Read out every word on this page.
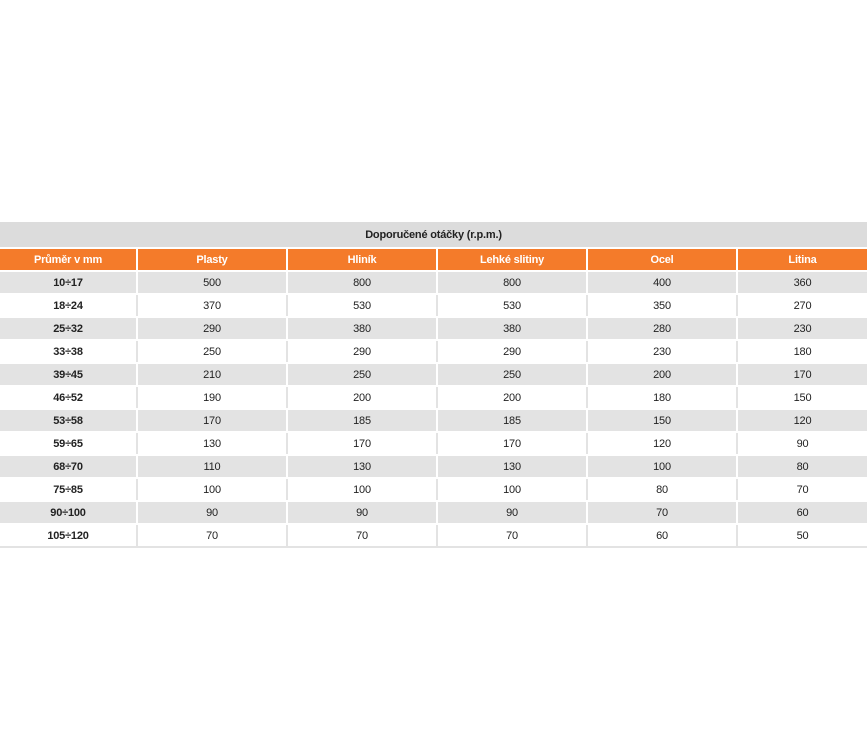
Doporučené otáčky (r.p.m.)
Průměr v mm	Plasty	Hliník	Lehké slitiny	Ocel	Litina
10÷17	500	800	800	400	360
18÷24	370	530	530	350	270
25÷32	290	380	380	280	230
33÷38	250	290	290	230	180
39÷45	210	250	250	200	170
46÷52	190	200	200	180	150
53÷58	170	185	185	150	120
59÷65	130	170	170	120	90
68÷70	110	130	130	100	80
75÷85	100	100	100	80	70
90÷100	90	90	90	70	60
105÷120	70	70	70	60	50
